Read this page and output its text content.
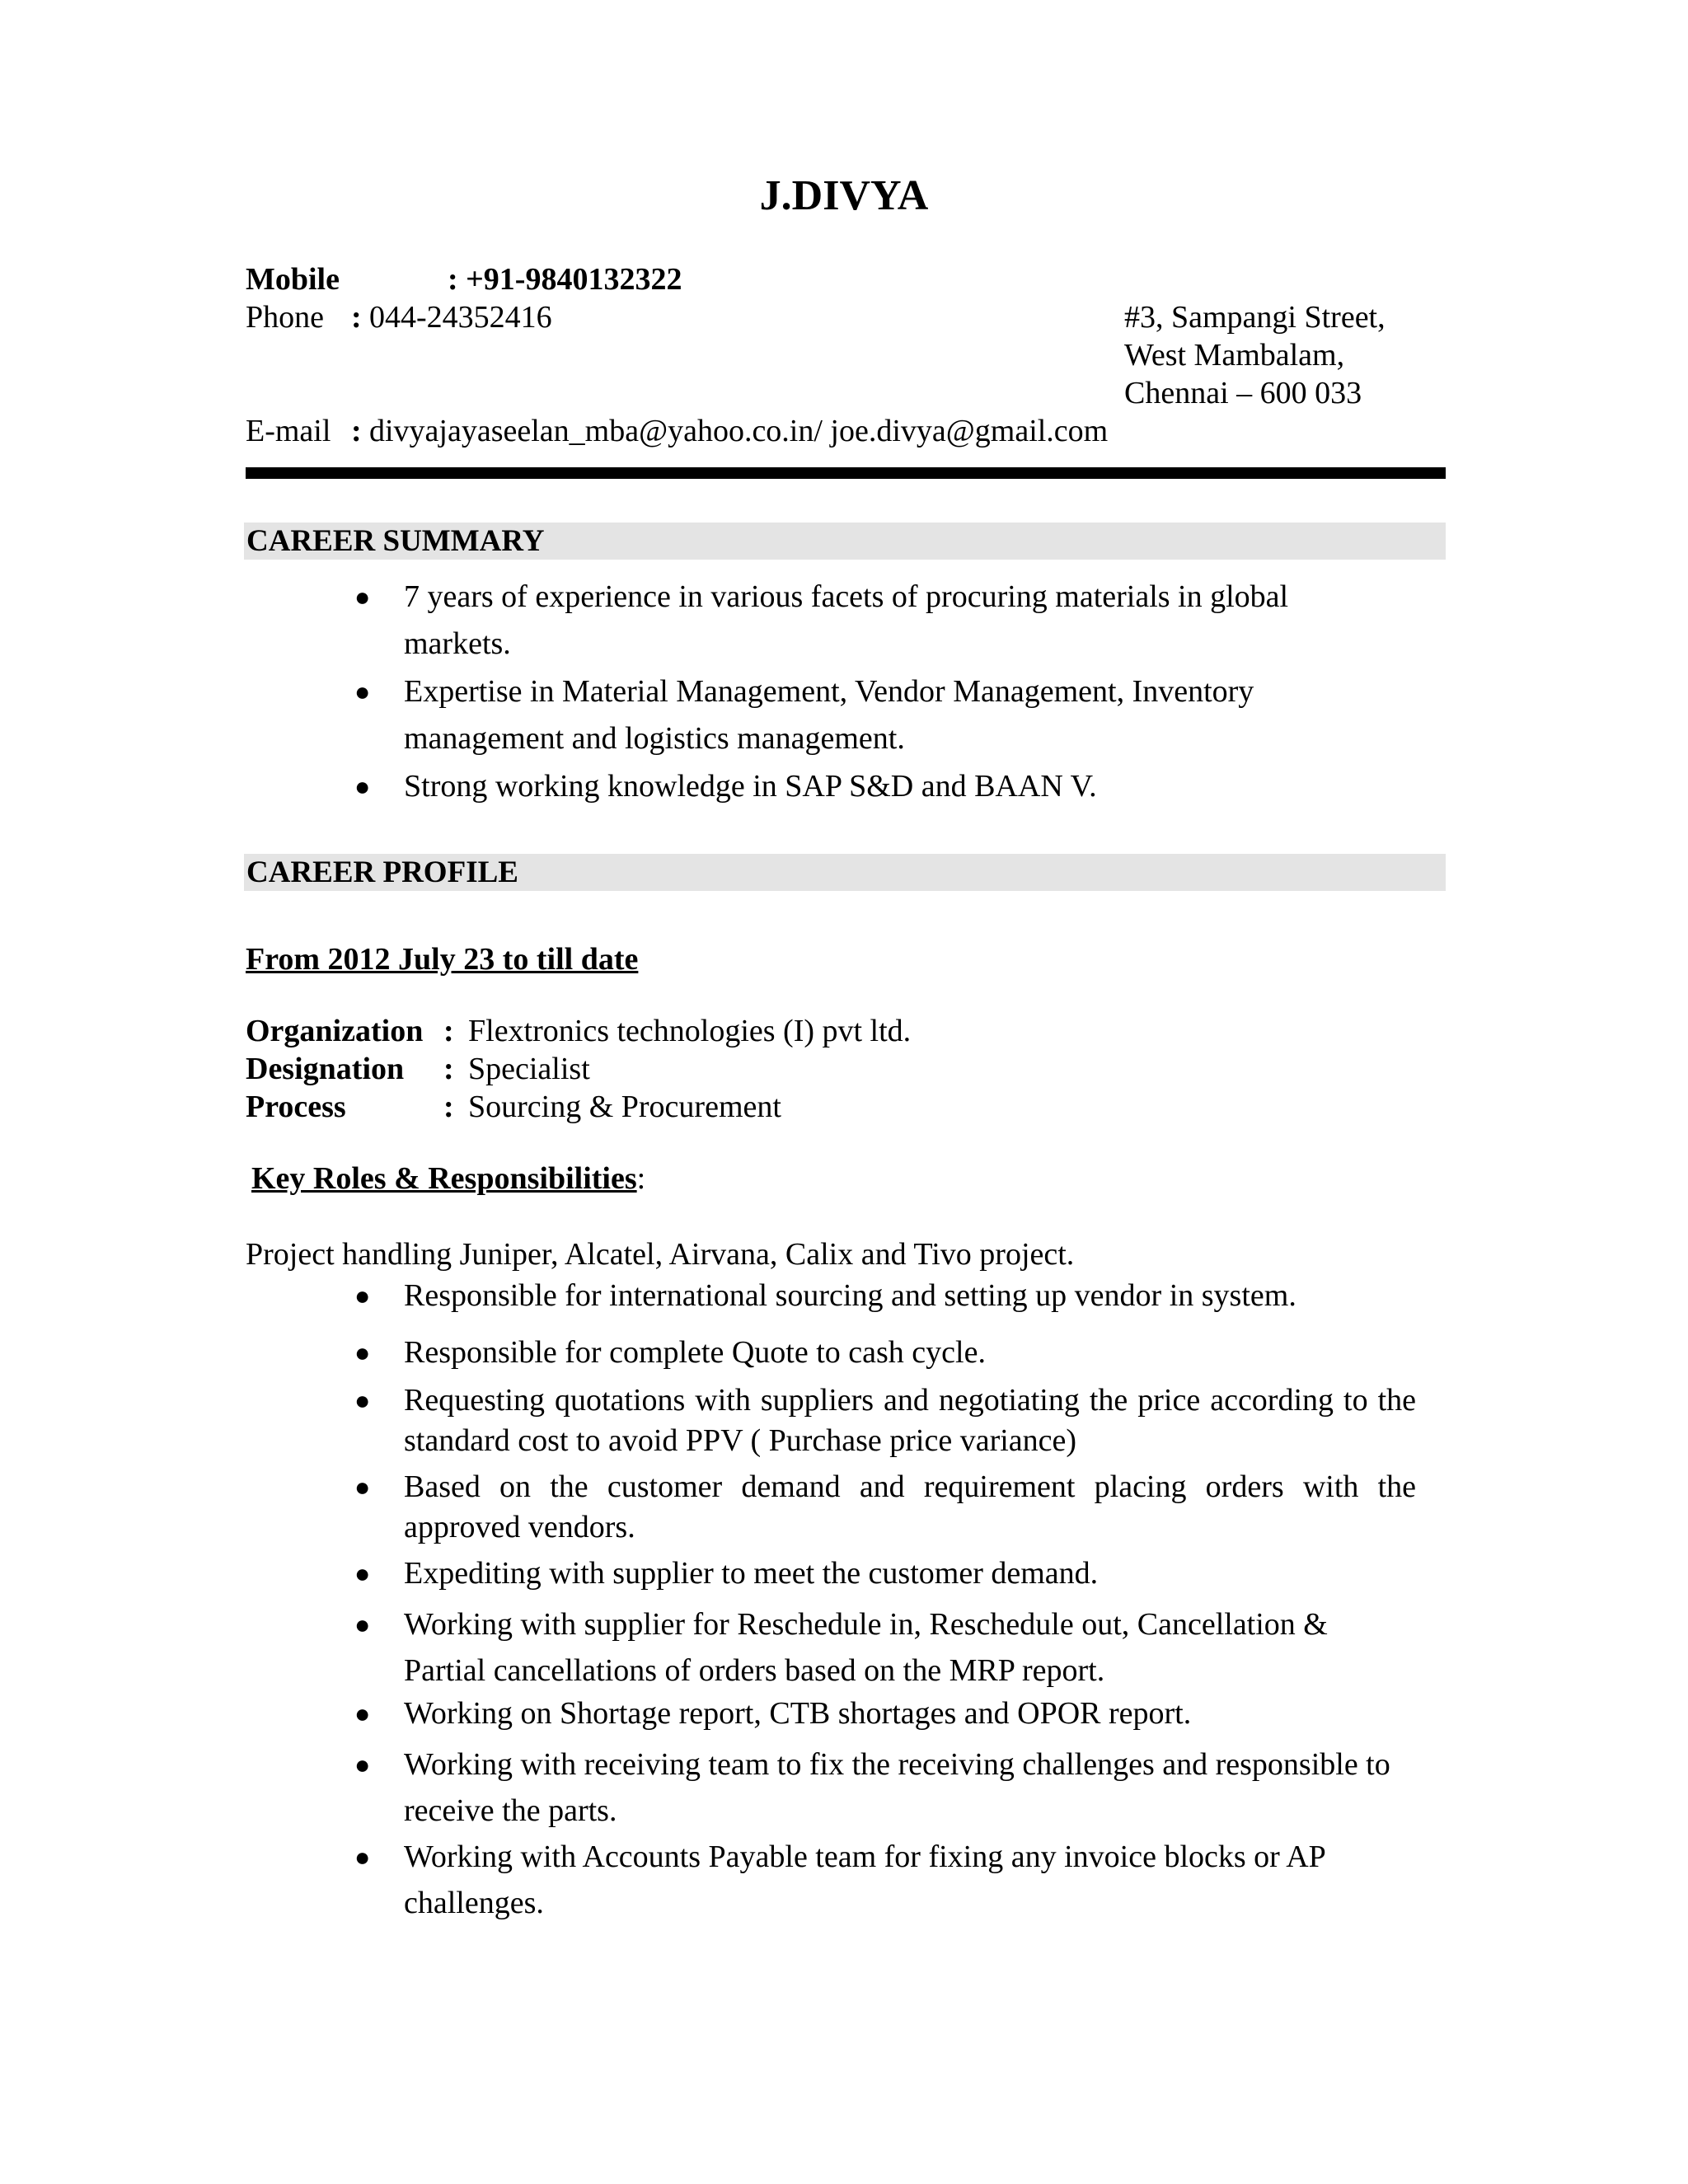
J.DIVYA
Mobile	: +91-9840132322
Phone : 044-24352416	#3, Sampangi Street,
West Mambalam,
Chennai – 600 033
E-mail : divyajayaseelan_mba@yahoo.co.in/ joe.divya@gmail.com
CAREER SUMMARY
● 7 years of experience in various facets of procuring materials in global
markets.
● Expertise in Material Management, Vendor Management, Inventory
management and logistics management.
● Strong working knowledge in SAP S&D and BAAN V.
CAREER PROFILE
From 2012 July 23 to till date
Organization : Flextronics technologies (I) pvt ltd.
Designation : Specialist
Process	: Sourcing & Procurement
Key Roles & Responsibilities:
Project handling Juniper, Alcatel, Airvana, Calix and Tivo project.
● Responsible for international sourcing and setting up vendor in system.
● Responsible for complete Quote to cash cycle.
● Requesting quotations with suppliers and negotiating the price according to the standard cost to avoid PPV ( Purchase price variance)
● Based on the customer demand and requirement placing orders with the approved vendors.
● Expediting with supplier to meet the customer demand.
● Working with supplier for Reschedule in, Reschedule out, Cancellation & Partial cancellations of orders based on the MRP report.
● Working on Shortage report, CTB shortages and OPOR report.
● Working with receiving team to fix the receiving challenges and responsible to receive the parts.
● Working with Accounts Payable team for fixing any invoice blocks or AP challenges.
